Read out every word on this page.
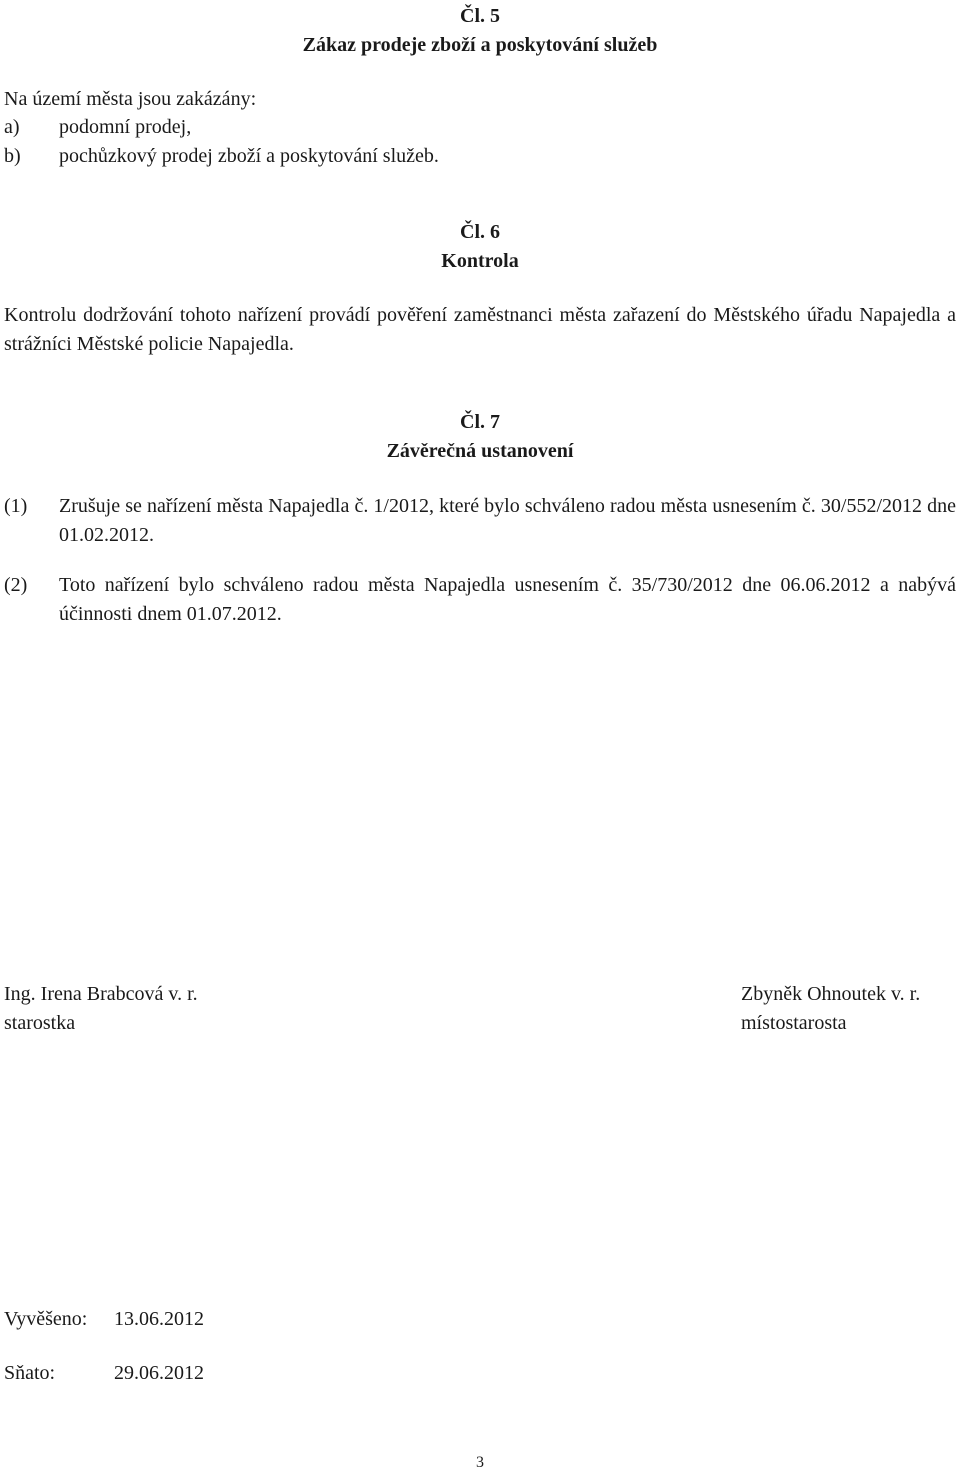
Čl. 5
Zákaz prodeje zboží a poskytování služeb
Na území města jsou zakázány:
a) podomní prodej,
b) pochůzkový prodej zboží a poskytování služeb.
Čl. 6
Kontrola
Kontrolu dodržování tohoto nařízení provádí pověření zaměstnanci města zařazení do Městského úřadu Napajedla a strážníci Městské policie Napajedla.
Čl. 7
Závěrečná ustanovení
(1) Zrušuje se nařízení města Napajedla č. 1/2012, které bylo schváleno radou města usnesením č. 30/552/2012 dne 01.02.2012.
(2) Toto nařízení bylo schváleno radou města Napajedla usnesením č. 35/730/2012 dne 06.06.2012 a nabývá účinnosti dnem 01.07.2012.
Ing. Irena Brabcová v. r.
starostka
Zbyněk Ohnoutek v. r.
místostarosta
Vyvěšeno: 13.06.2012
Sňato:	29.06.2012
3
